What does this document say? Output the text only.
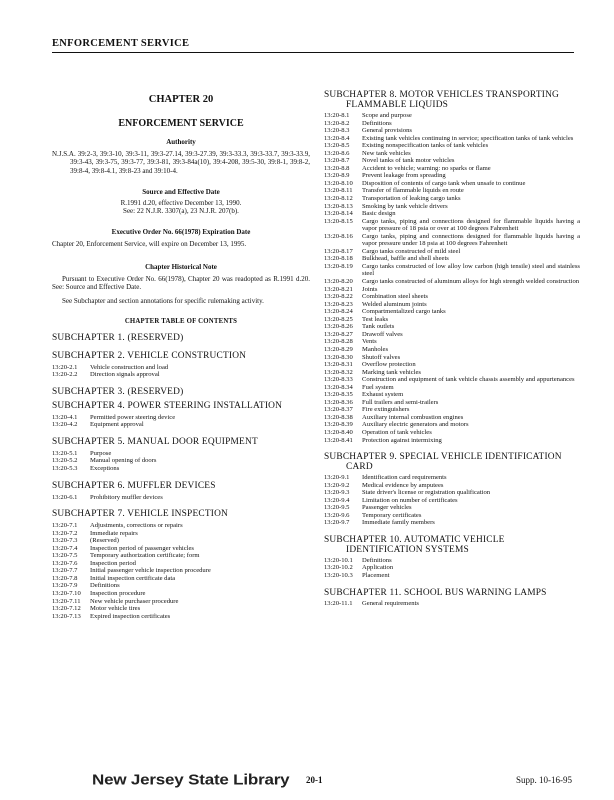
ENFORCEMENT SERVICE
CHAPTER 20
ENFORCEMENT SERVICE
Authority
N.J.S.A. 39:2-3, 39:3-10, 39:3-11, 39:3-27.14, 39:3-27.39, 39:3-33.3, 39:3-33.7, 39:3-33.9, 39:3-43, 39:3-75, 39:3-77, 39:3-81, 39:3-84a(10), 39:4-208, 39:5-30, 39:8-1, 39:8-2, 39:8-4, 39:8-4.1, 39:8-23 and 39:10-4.
Source and Effective Date
R.1991 d.20, effective December 13, 1990.
See: 22 N.J.R. 3307(a), 23 N.J.R. 207(b).
Executive Order No. 66(1978) Expiration Date
Chapter 20, Enforcement Service, will expire on December 13, 1995.
Chapter Historical Note
Pursuant to Executive Order No. 66(1978), Chapter 20 was readopted as R.1991 d.20. See: Source and Effective Date.
See Subchapter and section annotations for specific rulemaking activity.
CHAPTER TABLE OF CONTENTS
SUBCHAPTER 1. (RESERVED)
SUBCHAPTER 2. VEHICLE CONSTRUCTION
13:20-2.1	Vehicle construction and load
13:20-2.2	Direction signals approval
SUBCHAPTER 3. (RESERVED)
SUBCHAPTER 4. POWER STEERING INSTALLATION
13:20-4.1	Permitted power steering device
13:20-4.2	Equipment approval
SUBCHAPTER 5. MANUAL DOOR EQUIPMENT
13:20-5.1	Purpose
13:20-5.2	Manual opening of doors
13:20-5.3	Exceptions
SUBCHAPTER 6. MUFFLER DEVICES
13:20-6.1	Prohibitory muffler devices
SUBCHAPTER 7. VEHICLE INSPECTION
13:20-7.1	Adjustments, corrections or repairs
13:20-7.2	Immediate repairs
13:20-7.3	(Reserved)
13:20-7.4	Inspection period of passenger vehicles
13:20-7.5	Temporary authorization certificate; form
13:20-7.6	Inspection period
13:20-7.7	Initial passenger vehicle inspection procedure
13:20-7.8	Initial inspection certificate data
13:20-7.9	Definitions
13:20-7.10	Inspection procedure
13:20-7.11	New vehicle purchaser procedure
13:20-7.12	Motor vehicle tires
13:20-7.13	Expired inspection certificates
SUBCHAPTER 8. MOTOR VEHICLES TRANSPORTING
FLAMMABLE LIQUIDS
13:20-8.1	Scope and purpose
13:20-8.2	Definitions
13:20-8.3	General provisions
13:20-8.4	Existing tank vehicles continuing in service; specification tanks of tank vehicles
13:20-8.5	Existing nonspecification tanks of tank vehicles
13:20-8.6	New tank vehicles
13:20-8.7	Novel tanks of tank motor vehicles
13:20-8.8	Accident to vehicle; warning: no sparks or flame
13:20-8.9	Prevent leakage from spreading
13:20-8.10	Disposition of contents of cargo tank when unsafe to continue
13:20-8.11	Transfer of flammable liquids en route
13:20-8.12	Transportation of leaking cargo tanks
13:20-8.13	Smoking by tank vehicle drivers
13:20-8.14	Basic design
13:20-8.15	Cargo tanks, piping and connections designed for flammable liquids having a vapor pressure of 18 psia or over at 100 degrees Fahrenheit
13:20-8.16	Cargo tanks, piping and connections designed for flammable liquids having a vapor pressure under 18 psia at 100 degrees Fahrenheit
13:20-8.17	Cargo tanks constructed of mild steel
13:20-8.18	Bulkhead, baffle and shell sheets
13:20-8.19	Cargo tanks constructed of low alloy low carbon (high tensile) steel and stainless steel
13:20-8.20	Cargo tanks constructed of aluminum alloys for high strength welded construction
13:20-8.21	Joints
13:20-8.22	Combination steel sheets
13:20-8.23	Welded aluminum joints
13:20-8.24	Compartmentalized cargo tanks
13:20-8.25	Test leaks
13:20-8.26	Tank outlets
13:20-8.27	Drawoff valves
13:20-8.28	Vents
13:20-8.29	Manholes
13:20-8.30	Shutoff valves
13:20-8.31	Overflow protection
13:20-8.32	Marking tank vehicles
13:20-8.33	Construction and equipment of tank vehicle chassis assembly and appurtenances
13:20-8.34	Fuel system
13:20-8.35	Exhaust system
13:20-8.36	Full trailers and semi-trailers
13:20-8.37	Fire extinguishers
13:20-8.38	Auxiliary internal combustion engines
13:20-8.39	Auxiliary electric generators and motors
13:20-8.40	Operation of tank vehicles
13:20-8.41	Protection against intermixing
SUBCHAPTER 9. SPECIAL VEHICLE IDENTIFICATION
CARD
13:20-9.1	Identification card requirements
13:20-9.2	Medical evidence by amputees
13:20-9.3	State driver's license or registration qualification
13:20-9.4	Limitation on number of certificates
13:20-9.5	Passenger vehicles
13:20-9.6	Temporary certificates
13:20-9.7	Immediate family members
SUBCHAPTER 10. AUTOMATIC VEHICLE
IDENTIFICATION SYSTEMS
13:20-10.1	Definitions
13:20-10.2	Application
13:20-10.3	Placement
SUBCHAPTER 11. SCHOOL BUS WARNING LAMPS
13:20-11.1	General requirements
New Jersey State Library 20-1	Supp. 10-16-95
